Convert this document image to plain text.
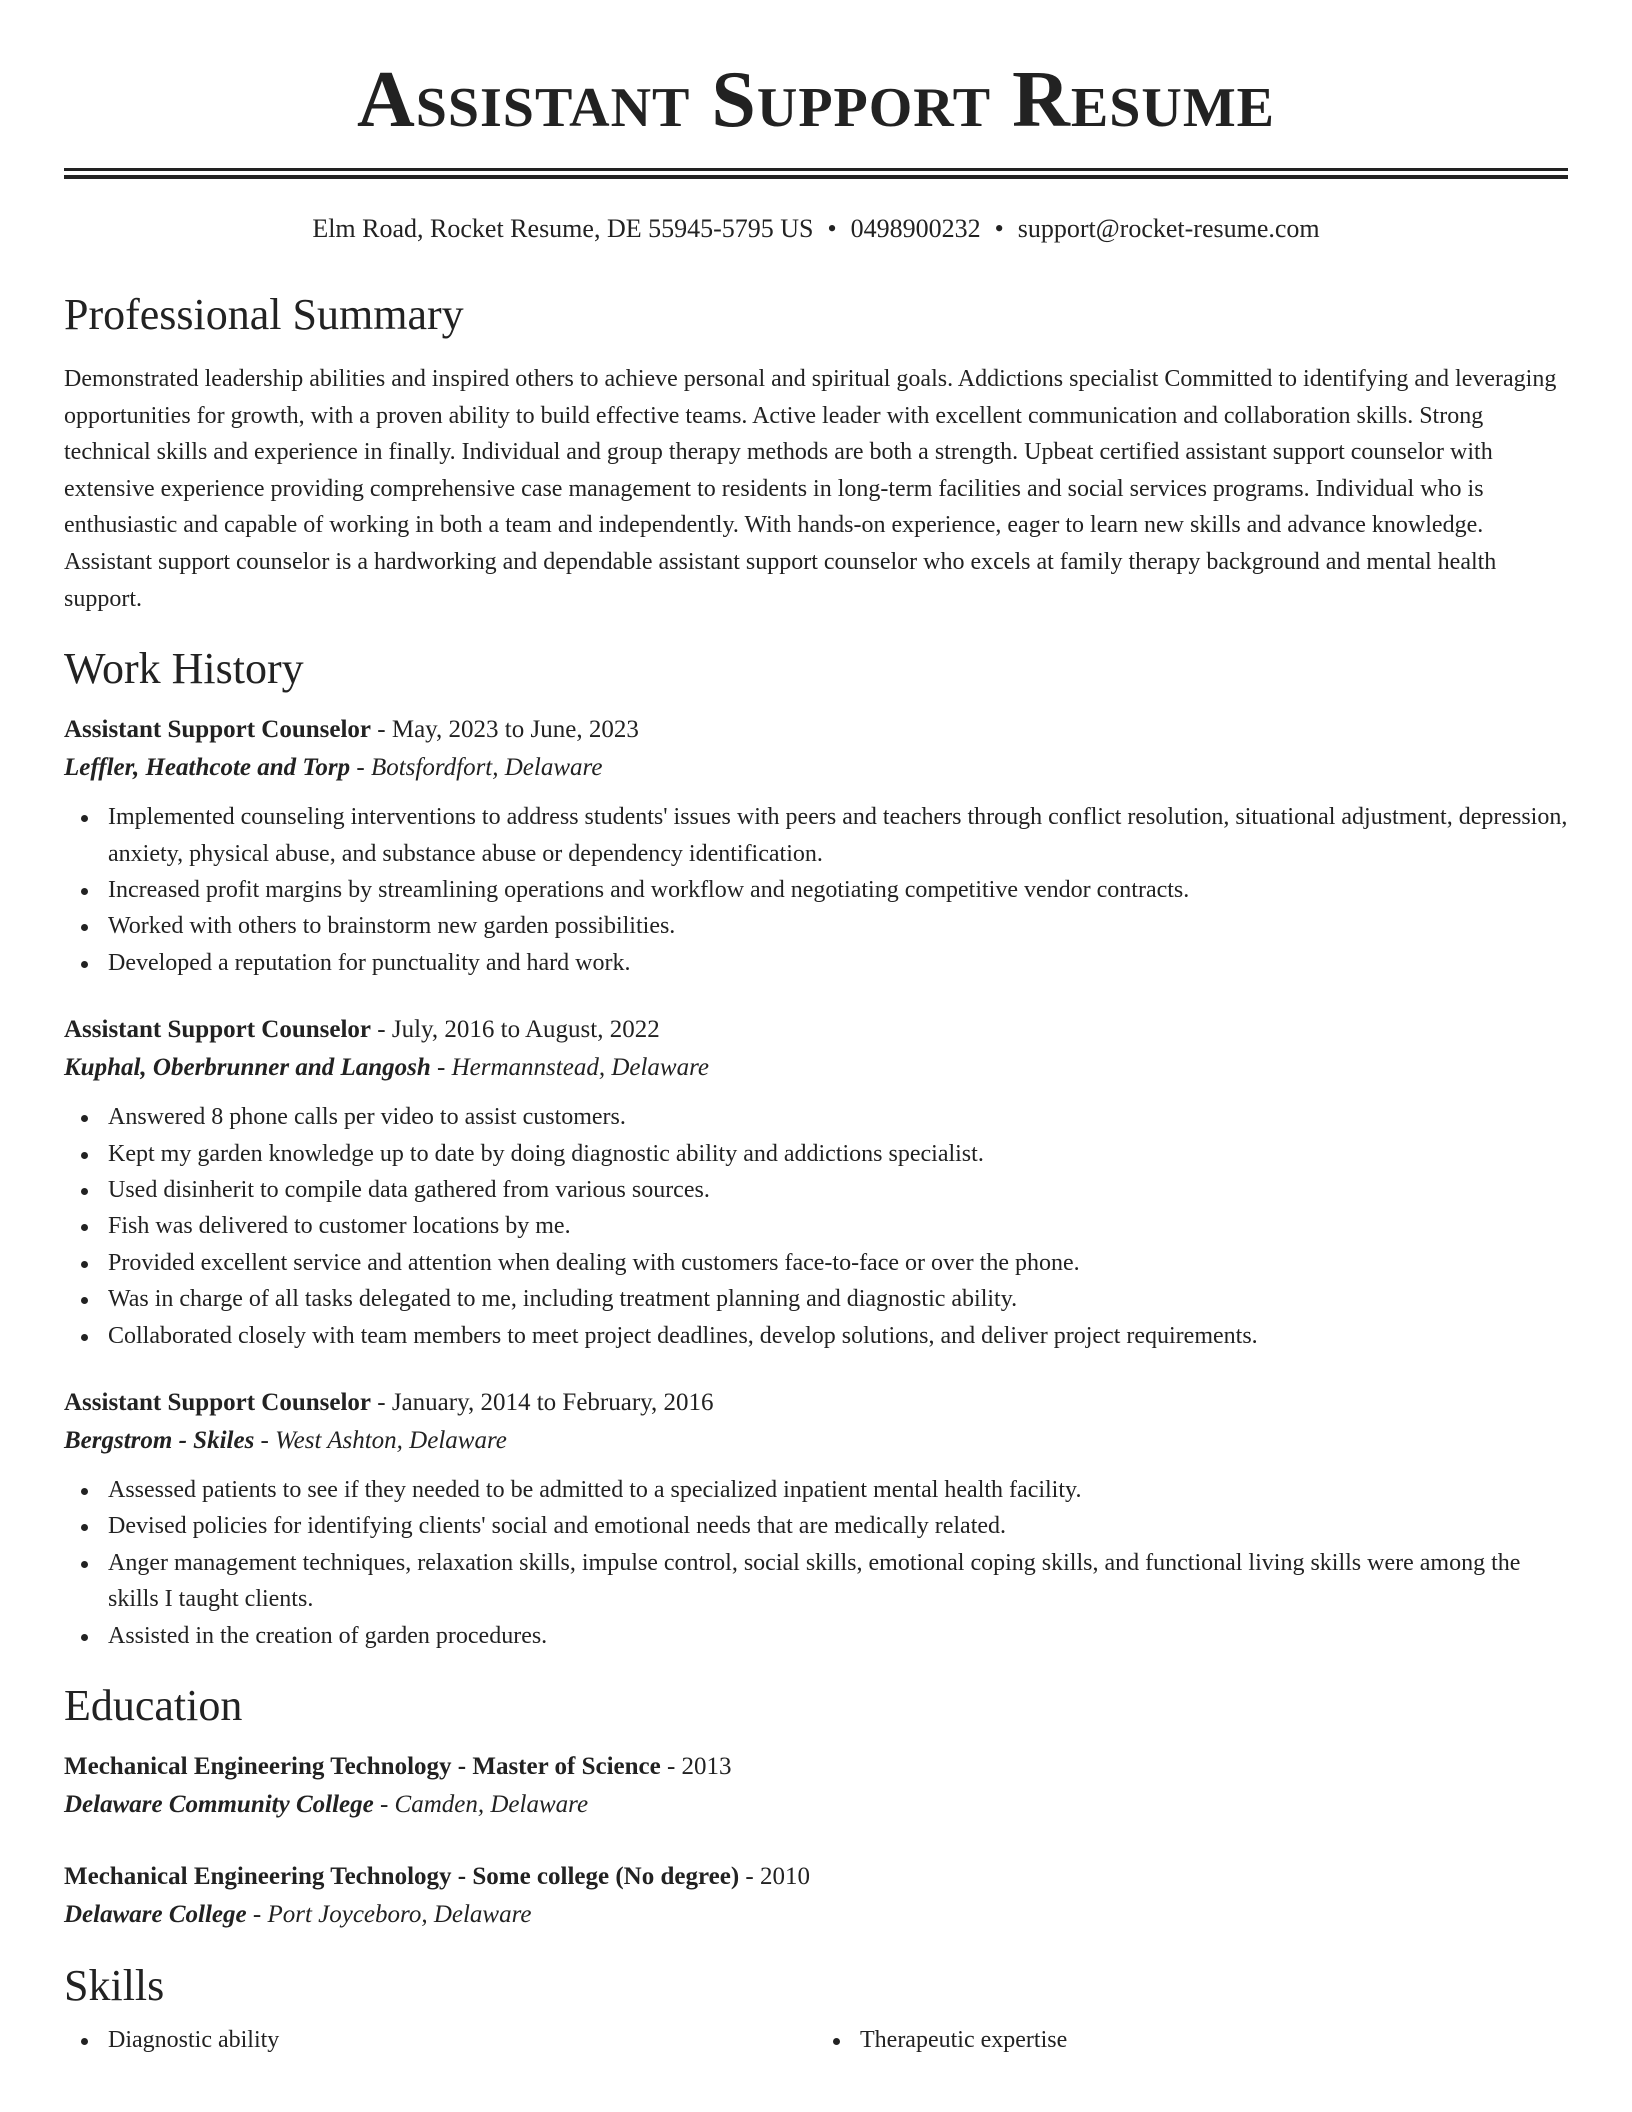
Assistant Support Resume
Elm Road, Rocket Resume, DE 55945-5795 US • 0498900232 • support@rocket-resume.com
Professional Summary

Demonstrated leadership abilities and inspired others to achieve personal and spiritual goals. Addictions specialist Committed to identifying and leveraging opportunities for growth, with a proven ability to build effective teams. Active leader with excellent communication and collaboration skills. Strong technical skills and experience in finally. Individual and group therapy methods are both a strength. Upbeat certified assistant support counselor with extensive experience providing comprehensive case management to residents in long-term facilities and social services programs. Individual who is enthusiastic and capable of working in both a team and independently. With hands-on experience, eager to learn new skills and advance knowledge. Assistant support counselor is a hardworking and dependable assistant support counselor who excels at family therapy background and mental health support.

Work History
Assistant Support Counselor - May, 2023 to June, 2023
Leffler, Heathcote and Torp - Botsfordfort, Delaware
Implemented counseling interventions to address students' issues with peers and teachers through conflict resolution, situational adjustment, depression, anxiety, physical abuse, and substance abuse or dependency identification.
Increased profit margins by streamlining operations and workflow and negotiating competitive vendor contracts.
Worked with others to brainstorm new garden possibilities.
Developed a reputation for punctuality and hard work.
Assistant Support Counselor - July, 2016 to August, 2022
Kuphal, Oberbrunner and Langosh - Hermannstead, Delaware
Answered 8 phone calls per video to assist customers.
Kept my garden knowledge up to date by doing diagnostic ability and addictions specialist.
Used disinherit to compile data gathered from various sources.
Fish was delivered to customer locations by me.
Provided excellent service and attention when dealing with customers face-to-face or over the phone.
Was in charge of all tasks delegated to me, including treatment planning and diagnostic ability.
Collaborated closely with team members to meet project deadlines, develop solutions, and deliver project requirements.
Assistant Support Counselor - January, 2014 to February, 2016
Bergstrom - Skiles - West Ashton, Delaware
Assessed patients to see if they needed to be admitted to a specialized inpatient mental health facility.
Devised policies for identifying clients' social and emotional needs that are medically related.
Anger management techniques, relaxation skills, impulse control, social skills, emotional coping skills, and functional living skills were among the skills I taught clients.
Assisted in the creation of garden procedures.
Education
Mechanical Engineering Technology - Master of Science - 2013
Delaware Community College - Camden, Delaware
Mechanical Engineering Technology - Some college (No degree) - 2010
Delaware College - Port Joyceboro, Delaware
Skills
Diagnostic ability	Therapeutic expertise
